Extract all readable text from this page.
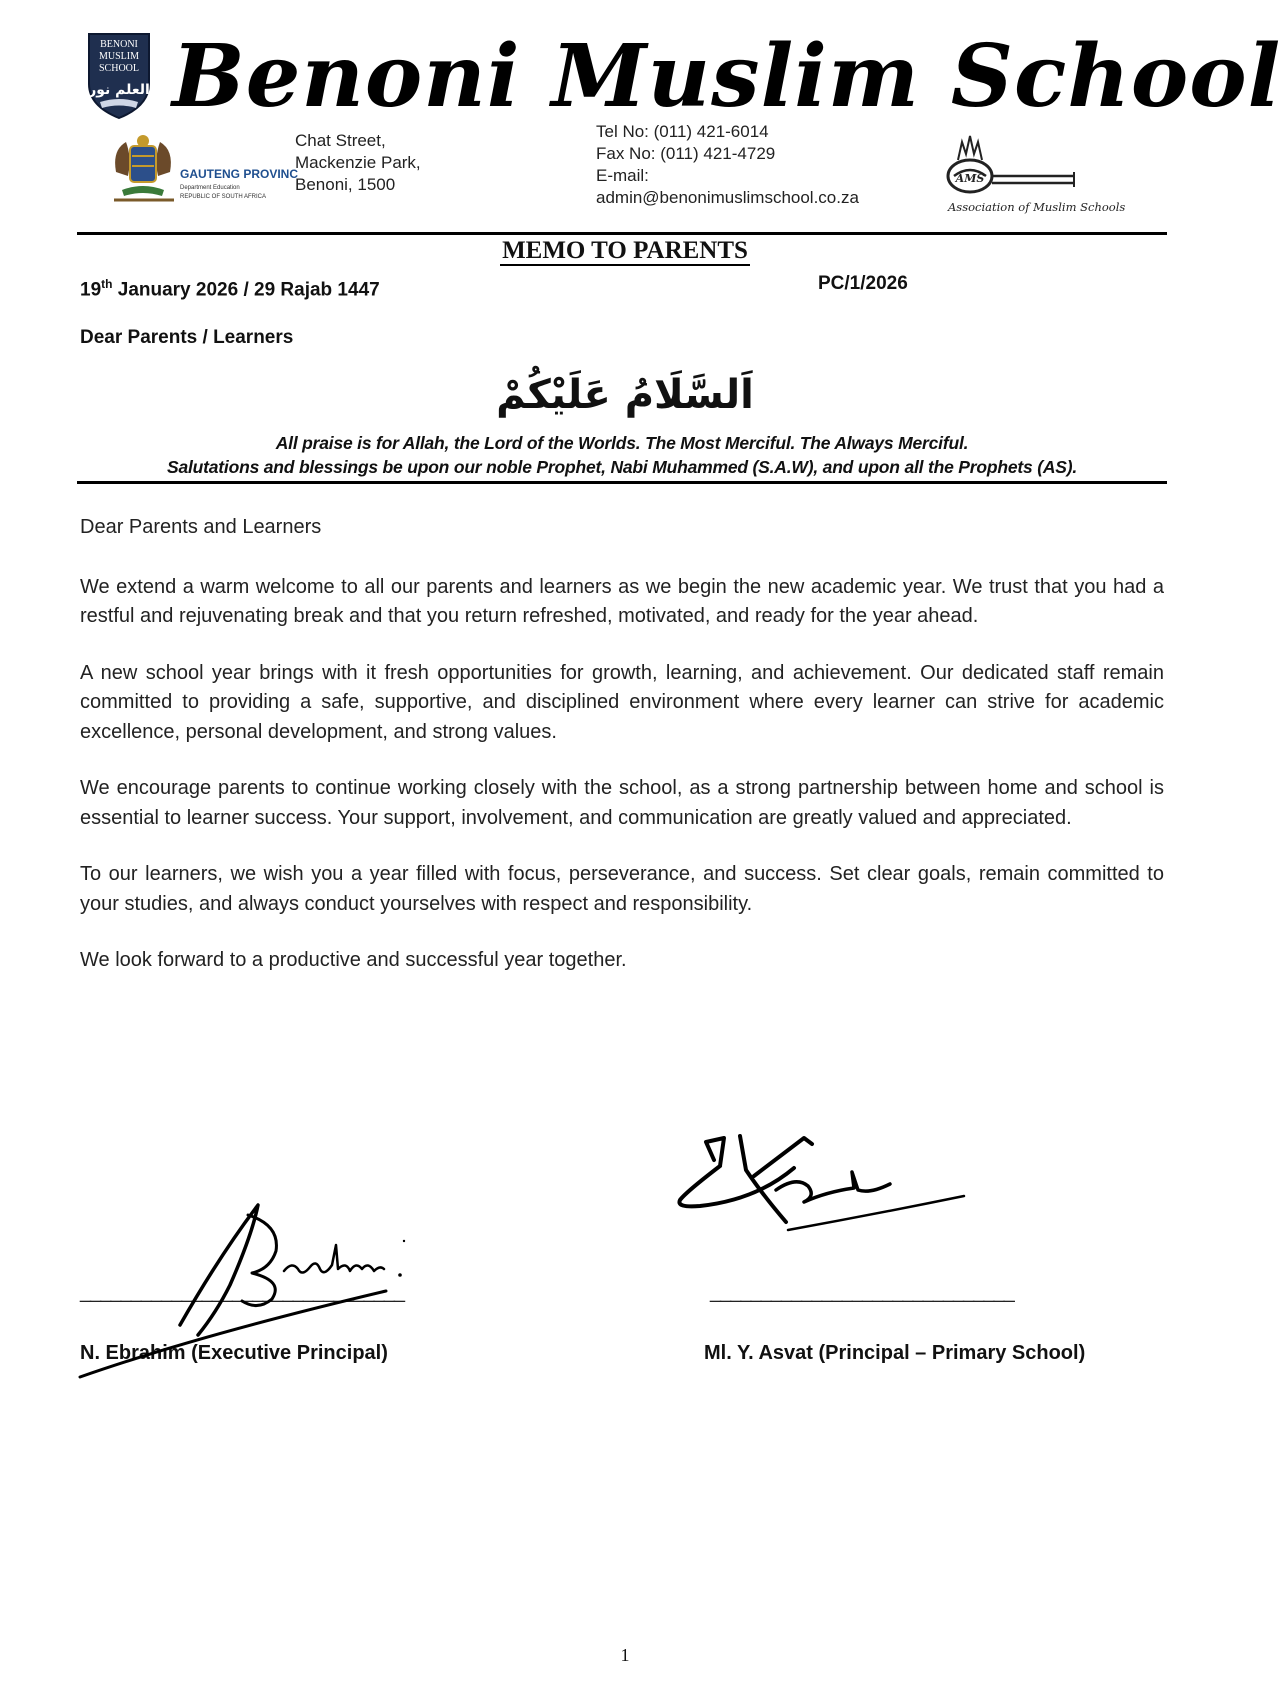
BENONI
MUSLIM
SCHOOL
العلم نور Benoni Muslim School
GAUTENG PROVINC
Department Education
REPUBLIC OF SOUTH AFRICA
Chat Street,
Mackenzie Park,
Benoni, 1500
Tel No: (011) 421-6014
Fax No: (011) 421-4729
E-mail:
admin@benonimuslimschool.co.za
AMS
Association of Muslim Schools
MEMO TO PARENTS
19th January 2026 / 29 Rajab 1447	PC/1/2026
Dear Parents / Learners
اَلسَّلَامُ عَلَيْكُمْ
All praise is for Allah, the Lord of the Worlds. The Most Merciful. The Always Merciful.
Salutations and blessings be upon our noble Prophet, Nabi Muhammed (S.A.W), and upon all the Prophets (AS).

Dear Parents and Learners

We extend a warm welcome to all our parents and learners as we begin the new academic year. We trust that you had a restful and rejuvenating break and that you return refreshed, motivated, and ready for the year ahead.

A new school year brings with it fresh opportunities for growth, learning, and achievement. Our dedicated staff remain committed to providing a safe, supportive, and disciplined environment where every learner can strive for academic excellence, personal development, and strong values.

We encourage parents to continue working closely with the school, as a strong partnership between home and school is essential to learner success. Your support, involvement, and communication are greatly valued and appreciated.

To our learners, we wish you a year filled with focus, perseverance, and success. Set clear goals, remain committed to your studies, and always conduct yourselves with respect and responsibility.

We look forward to a productive and successful year together.

________________________________	______________________________
N. Ebrahim (Executive Principal)	Ml. Y. Asvat (Principal – Primary School)
1
